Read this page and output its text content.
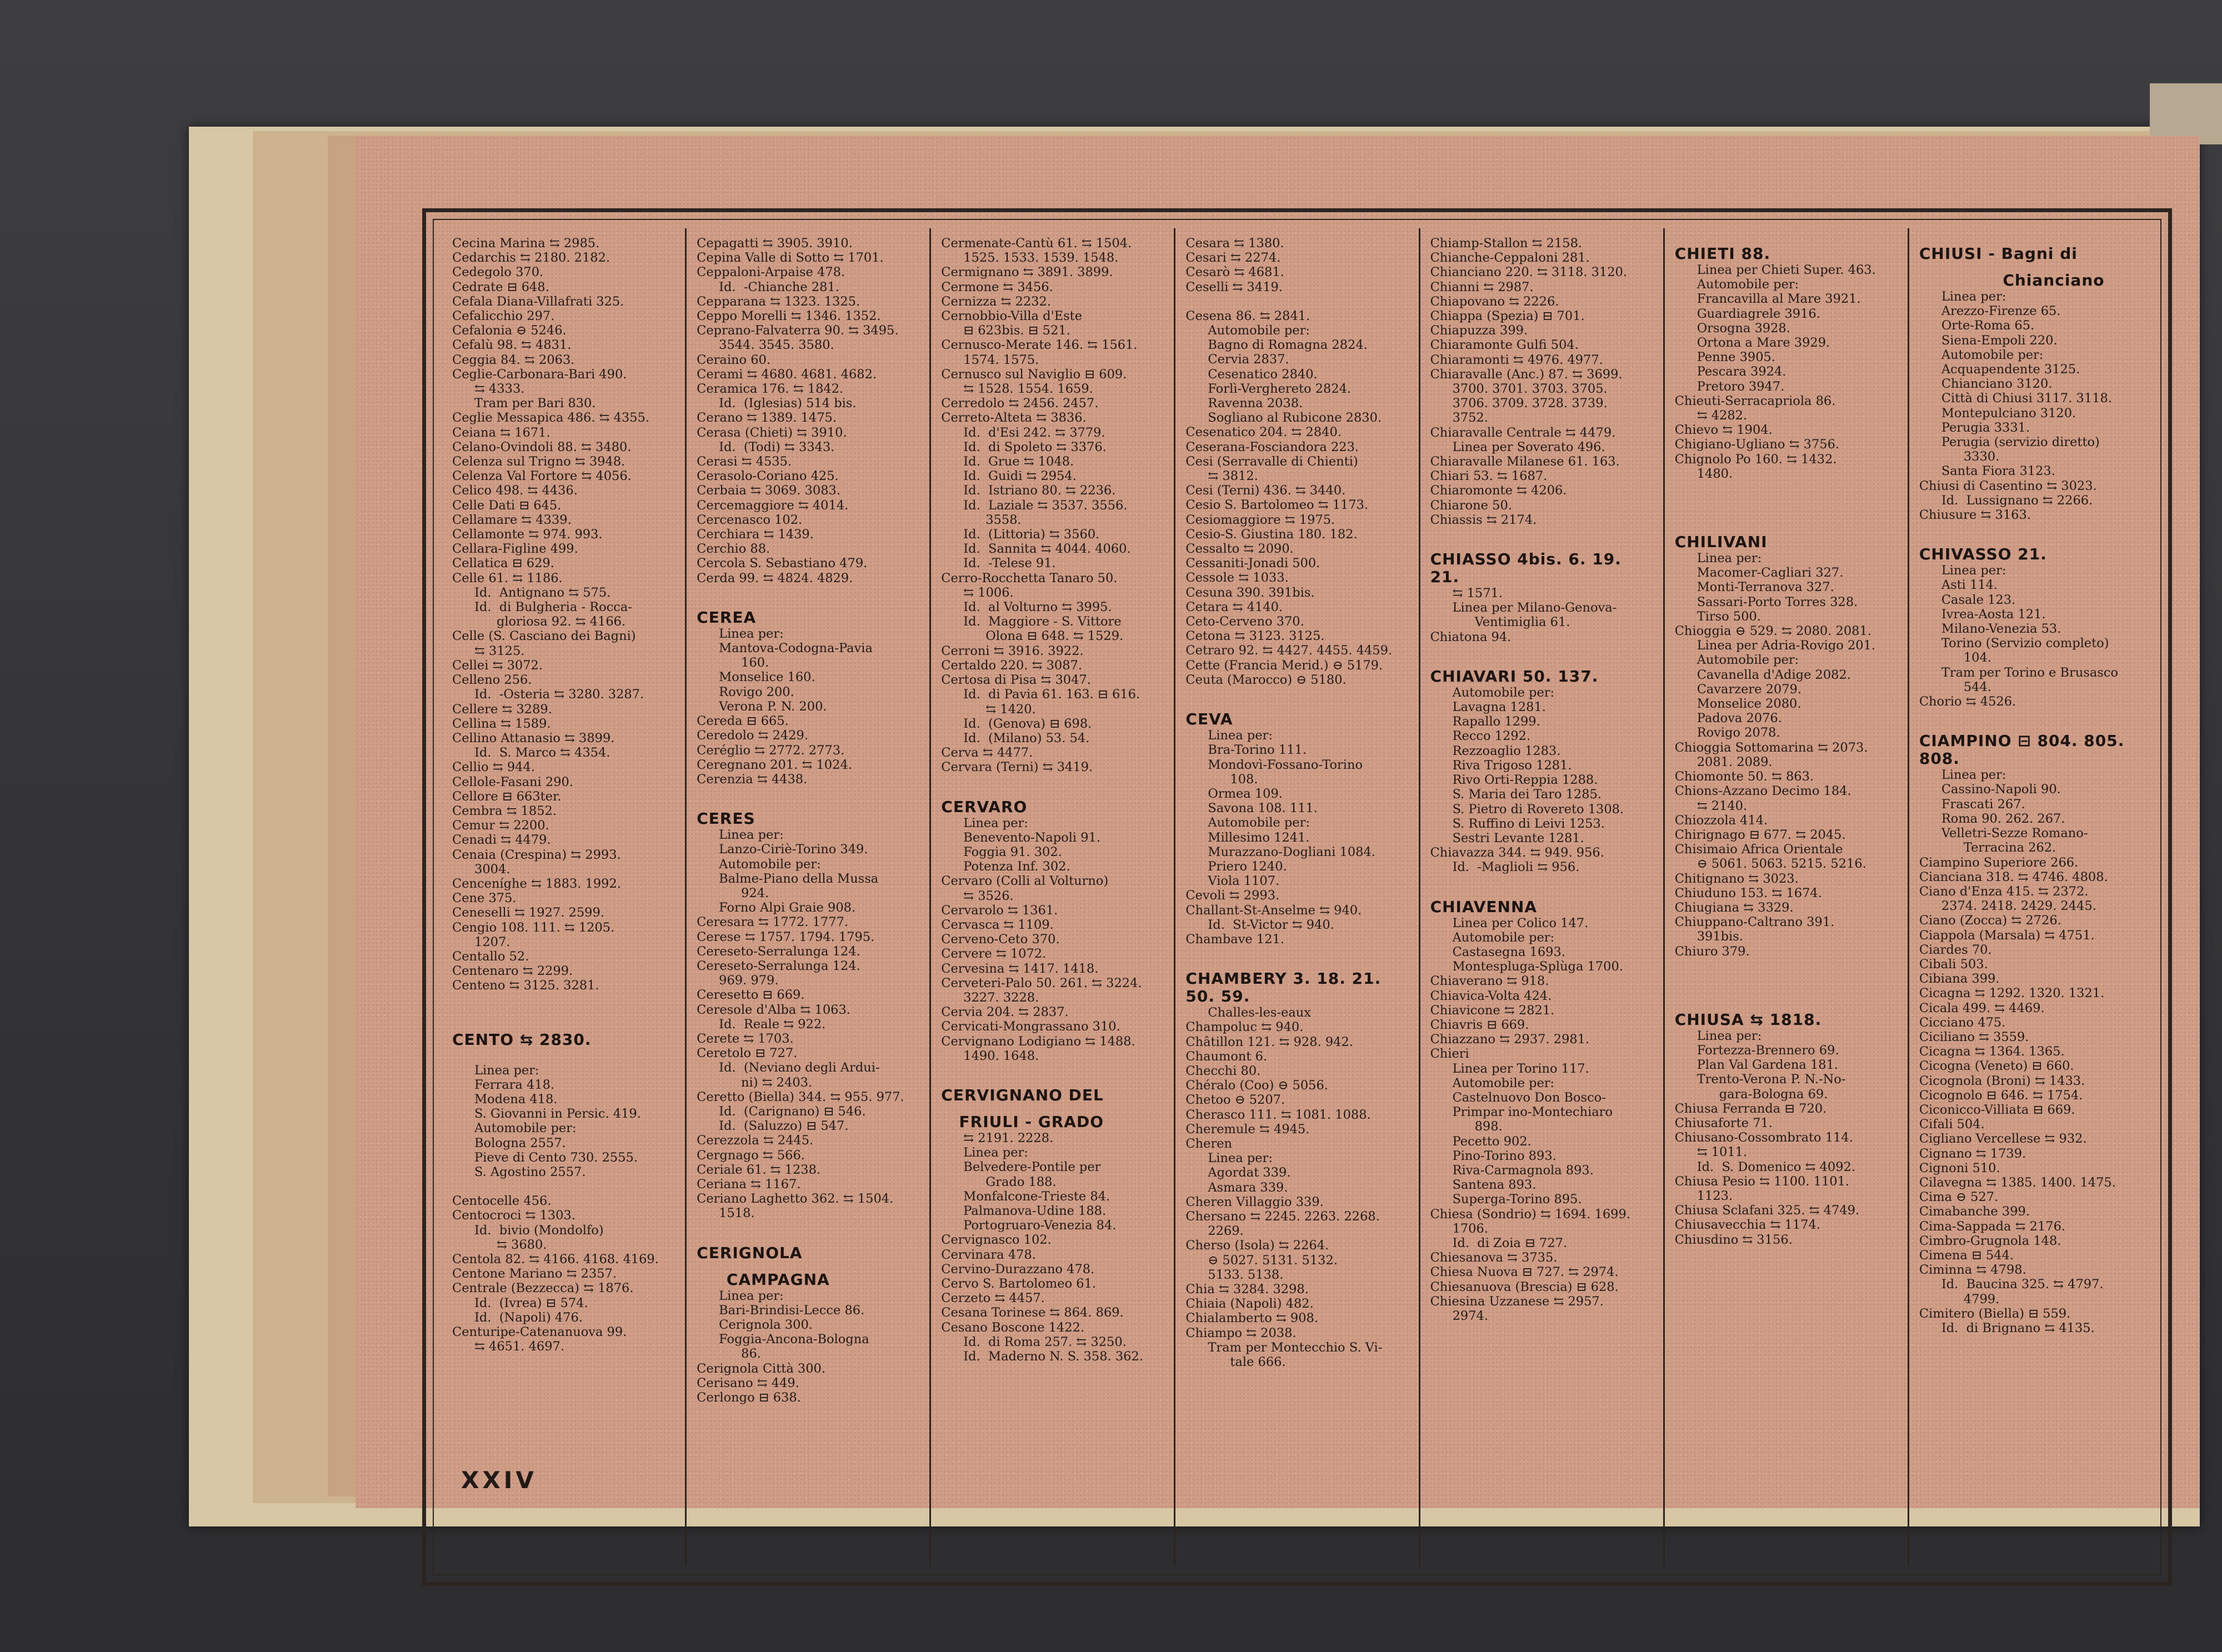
Cecina Marina ⇆ 2985.
Cedarchis ⇆ 2180. 2182.
Cedegolo 370.
Cedrate ⊟ 648.
Cefala Diana-Villafrati 325.
Cefalicchio 297.
Cefalonia ⊖ 5246.
Cefalù 98. ⇆ 4831.
Ceggia 84. ⇆ 2063.
Ceglie-Carbonara-Bari 490.
⇆ 4333.
Tram per Bari 830.
Ceglie Messapica 486. ⇆ 4355.
Ceiana ⇆ 1671.
Celano-Ovindoli 88. ⇆ 3480.
Celenza sul Trigno ⇆ 3948.
Celenza Val Fortore ⇆ 4056.
Celico 498. ⇆ 4436.
Celle Dati ⊟ 645.
Cellamare ⇆ 4339.
Cellamonte ⇆ 974. 993.
Cellara-Figline 499.
Cellatica ⊟ 629.
Celle 61. ⇆ 1186.
Id.  Antignano ⇆ 575.
Id.  di Bulgheria - Rocca-
gloriosa 92. ⇆ 4166.
Celle (S. Casciano dei Bagni)
⇆ 3125.
Cellei ⇆ 3072.
Celleno 256.
Id.  -Osteria ⇆ 3280. 3287.
Cellere ⇆ 3289.
Cellina ⇆ 1589.
Cellino Attanasio ⇆ 3899.
Id.  S. Marco ⇆ 4354.
Cellio ⇆ 944.
Cellole-Fasani 290.
Cellore ⊟ 663ter.
Cembra ⇆ 1852.
Cemur ⇆ 2200.
Cenadi ⇆ 4479.
Cenaia (Crespina) ⇆ 2993.
3004.
Cenceníghe ⇆ 1883. 1992.
Cene 375.
Ceneselli ⇆ 1927. 2599.
Cengio 108. 111. ⇆ 1205.
1207.
Centallo 52.
Centenaro ⇆ 2299.
Centeno ⇆ 3125. 3281.
CENTO ⇆ 2830.
Linea per:
Ferrara 418.
Modena 418.
S. Giovanni in Persic. 419.
Automobile per:
Bologna 2557.
Pieve di Cento 730. 2555.
S. Agostino 2557.
Centocelle 456.
Centocroci ⇆ 1303.
Id.  bivio (Mondolfo)
⇆ 3680.
Centola 82. ⇆ 4166. 4168. 4169.
Centone Mariano ⇆ 2357.
Centrale (Bezzecca) ⇆ 1876.
Id.  (Ivrea) ⊟ 574.
Id.  (Napoli) 476.
Centuripe-Catenanuova 99.
⇆ 4651. 4697.
Cepagatti ⇆ 3905. 3910.
Cepina Valle di Sotto ⇆ 1701.
Ceppaloni-Arpaise 478.
Id.  -Chianche 281.
Cepparana ⇆ 1323. 1325.
Ceppo Morelli ⇆ 1346. 1352.
Ceprano-Falvaterra 90. ⇆ 3495.
3544. 3545. 3580.
Ceraino 60.
Cerami ⇆ 4680. 4681. 4682.
Ceramica 176. ⇆ 1842.
Id.  (Iglesias) 514 bis.
Cerano ⇆ 1389. 1475.
Cerasa (Chieti) ⇆ 3910.
Id.  (Todi) ⇆ 3343.
Cerasi ⇆ 4535.
Cerasolo-Coriano 425.
Cerbaia ⇆ 3069. 3083.
Cercemaggiore ⇆ 4014.
Cercenasco 102.
Cerchiara ⇆ 1439.
Cerchio 88.
Cercola S. Sebastiano 479.
Cerda 99. ⇆ 4824. 4829.
CEREA
Linea per:
Mantova-Codogna-Pavia
160.
Monselice 160.
Rovigo 200.
Verona P. N. 200.
Cereda ⊟ 665.
Ceredolo ⇆ 2429.
Ceréglio ⇆ 2772. 2773.
Ceregnano 201. ⇆ 1024.
Cerenzia ⇆ 4438.
CERES
Linea per:
Lanzo-Ciriè-Torino 349.
Automobile per:
Balme-Piano della Mussa
924.
Forno Alpi Graie 908.
Ceresara ⇆ 1772. 1777.
Cerese ⇆ 1757. 1794. 1795.
Cereseto-Serralunga 124.
Cereseto-Serralunga 124.
969. 979.
Ceresetto ⊟ 669.
Ceresole d'Alba ⇆ 1063.
Id.  Reale ⇆ 922.
Cerete ⇆ 1703.
Ceretolo ⊟ 727.
Id.  (Neviano degli Ardui-
ni) ⇆ 2403.
Ceretto (Biella) 344. ⇆ 955. 977.
Id.  (Carignano) ⊟ 546.
Id.  (Saluzzo) ⊟ 547.
Cerezzola ⇆ 2445.
Cergnago ⇆ 566.
Ceriale 61. ⇆ 1238.
Ceriana ⇆ 1167.
Ceriano Laghetto 362. ⇆ 1504.
1518.
CERIGNOLA
CAMPAGNA
Linea per:
Bari-Brindisi-Lecce 86.
Cerignola 300.
Foggia-Ancona-Bologna
86.
Cerignola Città 300.
Cerisano ⇆ 449.
Cerlongo ⊟ 638.
Cermenate-Cantù 61. ⇆ 1504.
1525. 1533. 1539. 1548.
Cermignano ⇆ 3891. 3899.
Cermone ⇆ 3456.
Cernizza ⇆ 2232.
Cernobbio-Villa d'Este
⊟ 623bis. ⊟ 521.
Cernusco-Merate 146. ⇆ 1561.
1574. 1575.
Cernusco sul Naviglio ⊟ 609.
⇆ 1528. 1554. 1659.
Cerredolo ⇆ 2456. 2457.
Cerreto-Alteta ⇆ 3836.
Id.  d'Esi 242. ⇆ 3779.
Id.  di Spoleto ⇆ 3376.
Id.  Grue ⇆ 1048.
Id.  Guidi ⇆ 2954.
Id.  Istriano 80. ⇆ 2236.
Id.  Laziale ⇆ 3537. 3556.
3558.
Id.  (Littoria) ⇆ 3560.
Id.  Sannita ⇆ 4044. 4060.
Id.  -Telese 91.
Cerro-Rocchetta Tanaro 50.
⇆ 1006.
Id.  al Volturno ⇆ 3995.
Id.  Maggiore - S. Vittore
Olona ⊟ 648. ⇆ 1529.
Cerroni ⇆ 3916. 3922.
Certaldo 220. ⇆ 3087.
Certosa di Pisa ⇆ 3047.
Id.  di Pavia 61. 163. ⊟ 616.
⇆ 1420.
Id.  (Genova) ⊟ 698.
Id.  (Milano) 53. 54.
Cerva ⇆ 4477.
Cervara (Terni) ⇆ 3419.
CERVARO
Linea per:
Benevento-Napoli 91.
Foggia 91. 302.
Potenza Inf. 302.
Cervaro (Colli al Volturno)
⇆ 3526.
Cervarolo ⇆ 1361.
Cervasca ⇆ 1109.
Cerveno-Ceto 370.
Cervere ⇆ 1072.
Cervesina ⇆ 1417. 1418.
Cerveteri-Palo 50. 261. ⇆ 3224.
3227. 3228.
Cervia 204. ⇆ 2837.
Cervicati-Mongrassano 310.
Cervignano Lodigiano ⇆ 1488.
1490. 1648.
CERVIGNANO DEL
FRIULI - GRADO
⇆ 2191. 2228.
Linea per:
Belvedere-Pontile per
Grado 188.
Monfalcone-Trieste 84.
Palmanova-Udine 188.
Portogruaro-Venezia 84.
Cervignasco 102.
Cervinara 478.
Cervino-Durazzano 478.
Cervo S. Bartolomeo 61.
Cerzeto ⇆ 4457.
Cesana Torinese ⇆ 864. 869.
Cesano Boscone 1422.
Id.  di Roma 257. ⇆ 3250.
Id.  Maderno N. S. 358. 362.
Cesara ⇆ 1380.
Cesari ⇆ 2274.
Cesarò ⇆ 4681.
Ceselli ⇆ 3419.
Cesena 86. ⇆ 2841.
Automobile per:
Bagno di Romagna 2824.
Cervia 2837.
Cesenatico 2840.
Forlì-Verghereto 2824.
Ravenna 2038.
Sogliano al Rubicone 2830.
Cesenatico 204. ⇆ 2840.
Ceserana-Fosciandora 223.
Cesi (Serravalle di Chienti)
⇆ 3812.
Cesi (Terni) 436. ⇆ 3440.
Cesio S. Bartolomeo ⇆ 1173.
Cesiomaggiore ⇆ 1975.
Cesio-S. Giustina 180. 182.
Cessalto ⇆ 2090.
Cessaniti-Jonadi 500.
Cessole ⇆ 1033.
Cesuna 390. 391bis.
Cetara ⇆ 4140.
Ceto-Cerveno 370.
Cetona ⇆ 3123. 3125.
Cetraro 92. ⇆ 4427. 4455. 4459.
Cette (Francia Merid.) ⊖ 5179.
Ceuta (Marocco) ⊖ 5180.
CEVA
Linea per:
Bra-Torino 111.
Mondovì-Fossano-Torino
108.
Ormea 109.
Savona 108. 111.
Automobile per:
Millesimo 1241.
Murazzano-Dogliani 1084.
Priero 1240.
Viola 1107.
Cevoli ⇆ 2993.
Challant-St-Anselme ⇆ 940.
Id.  St-Victor ⇆ 940.
Chambave 121.
CHAMBERY 3. 18. 21. 50. 59.
Challes-les-eaux
Champoluc ⇆ 940.
Châtillon 121. ⇆ 928. 942.
Chaumont 6.
Checchi 80.
Chéralo (Coo) ⊖ 5056.
Chetoo ⊖ 5207.
Cherasco 111. ⇆ 1081. 1088.
Cheremule ⇆ 4945.
Cheren
Linea per:
Agordat 339.
Asmara 339.
Cheren Villaggio 339.
Chersano ⇆ 2245. 2263. 2268.
2269.
Cherso (Isola) ⇆ 2264.
⊖ 5027. 5131. 5132.
5133. 5138.
Chia ⇆ 3284. 3298.
Chiaia (Napoli) 482.
Chialamberto ⇆ 908.
Chiampo ⇆ 2038.
Tram per Montecchio S. Vi-
tale 666.
Chiamp-Stallon ⇆ 2158.
Chianche-Ceppaloni 281.
Chianciano 220. ⇆ 3118. 3120.
Chianni ⇆ 2987.
Chiapovano ⇆ 2226.
Chiappa (Spezia) ⊟ 701.
Chiapuzza 399.
Chiaramonte Gulfi 504.
Chiaramonti ⇆ 4976. 4977.
Chiaravalle (Anc.) 87. ⇆ 3699.
3700. 3701. 3703. 3705.
3706. 3709. 3728. 3739.
3752.
Chiaravalle Centrale ⇆ 4479.
Linea per Soverato 496.
Chiaravalle Milanese 61. 163.
Chiari 53. ⇆ 1687.
Chiaromonte ⇆ 4206.
Chiarone 50.
Chiassis ⇆ 2174.
CHIASSO 4bis. 6. 19. 21.
⇆ 1571.
Linea per Milano-Genova-
Ventimiglia 61.
Chiatona 94.
CHIAVARI 50. 137.
Automobile per:
Lavagna 1281.
Rapallo 1299.
Recco 1292.
Rezzoaglio 1283.
Riva Trigoso 1281.
Rivo Orti-Reppia 1288.
S. Maria dei Taro 1285.
S. Pietro di Rovereto 1308.
S. Ruffino di Leivi 1253.
Sestri Levante 1281.
Chiavazza 344. ⇆ 949. 956.
Id.  -Maglioli ⇆ 956.
CHIAVENNA
Linea per Colico 147.
Automobile per:
Castasegna 1693.
Montespluga-Splùga 1700.
Chiaverano ⇆ 918.
Chiavica-Volta 424.
Chiavicone ⇆ 2821.
Chiavris ⊟ 669.
Chiazzano ⇆ 2937. 2981.
Chieri
Linea per Torino 117.
Automobile per:
Castelnuovo Don Bosco-
Primpar ino-Montechiaro
898.
Pecetto 902.
Pino-Torino 893.
Riva-Carmagnola 893.
Santena 893.
Superga-Torino 895.
Chiesa (Sondrio) ⇆ 1694. 1699.
1706.
Id.  di Zoia ⊟ 727.
Chiesanova ⇆ 3735.
Chiesa Nuova ⊟ 727. ⇆ 2974.
Chiesanuova (Brescia) ⊟ 628.
Chiesina Uzzanese ⇆ 2957.
2974.
CHIETI 88.
Linea per Chieti Super. 463.
Automobile per:
Francavilla al Mare 3921.
Guardiagrele 3916.
Orsogna 3928.
Ortona a Mare 3929.
Penne 3905.
Pescara 3924.
Pretoro 3947.
Chieuti-Serracapriola 86.
⇆ 4282.
Chievo ⇆ 1904.
Chigiano-Ugliano ⇆ 3756.
Chignolo Po 160. ⇆ 1432.
1480.
CHILIVANI
Linea per:
Macomer-Cagliari 327.
Monti-Terranova 327.
Sassari-Porto Torres 328.
Tirso 500.
Chioggia ⊖ 529. ⇆ 2080. 2081.
Linea per Adria-Rovigo 201.
Automobile per:
Cavanella d'Adige 2082.
Cavarzere 2079.
Monselice 2080.
Padova 2076.
Rovigo 2078.
Chioggia Sottomarina ⇆ 2073.
2081. 2089.
Chiomonte 50. ⇆ 863.
Chions-Azzano Decimo 184.
⇆ 2140.
Chiozzola 414.
Chirignago ⊟ 677. ⇆ 2045.
Chisimaio Africa Orientale
⊖ 5061. 5063. 5215. 5216.
Chitignano ⇆ 3023.
Chiuduno 153. ⇆ 1674.
Chiugiana ⇆ 3329.
Chiuppano-Caltrano 391.
391bis.
Chiuro 379.
CHIUSA ⇆ 1818.
Linea per:
Fortezza-Brennero 69.
Plan Val Gardena 181.
Trento-Verona P. N.-No-
gara-Bologna 69.
Chiusa Ferranda ⊟ 720.
Chiusaforte 71.
Chiusano-Cossombrato 114.
⇆ 1011.
Id.  S. Domenico ⇆ 4092.
Chiusa Pesio ⇆ 1100. 1101.
1123.
Chiusa Sclafani 325. ⇆ 4749.
Chiusavecchia ⇆ 1174.
Chiusdino ⇆ 3156.
CHIUSI - Bagni di
Chianciano
Linea per:
Arezzo-Firenze 65.
Orte-Roma 65.
Siena-Empoli 220.
Automobile per:
Acquapendente 3125.
Chianciano 3120.
Città di Chiusi 3117. 3118.
Montepulciano 3120.
Perugia 3331.
Perugia (servizio diretto)
3330.
Santa Fiora 3123.
Chiusi di Casentino ⇆ 3023.
Id.  Lussignano ⇆ 2266.
Chiusure ⇆ 3163.
CHIVASSO 21.
Linea per:
Asti 114.
Casale 123.
Ivrea-Aosta 121.
Milano-Venezia 53.
Torino (Servizio completo)
104.
Tram per Torino e Brusasco
544.
Chorio ⇆ 4526.
CIAMPINO ⊟ 804. 805. 808.
Linea per:
Cassino-Napoli 90.
Frascati 267.
Roma 90. 262. 267.
Velletri-Sezze Romano-
Terracina 262.
Ciampino Superiore 266.
Cianciana 318. ⇆ 4746. 4808.
Ciano d'Enza 415. ⇆ 2372.
2374. 2418. 2429. 2445.
Ciano (Zocca) ⇆ 2726.
Ciappola (Marsala) ⇆ 4751.
Ciardes 70.
Cibali 503.
Cibiana 399.
Cicagna ⇆ 1292. 1320. 1321.
Cicala 499. ⇆ 4469.
Cicciano 475.
Ciciliano ⇆ 3559.
Cicagna ⇆ 1364. 1365.
Cicogna (Veneto) ⊟ 660.
Cicognola (Broni) ⇆ 1433.
Cicognolo ⊟ 646. ⇆ 1754.
Ciconicco-Villiata ⊟ 669.
Cifali 504.
Cigliano Vercellese ⇆ 932.
Cignano ⇆ 1739.
Cignoni 510.
Cilavegna ⇆ 1385. 1400. 1475.
Cima ⊖ 527.
Cimabanche 399.
Cima-Sappada ⇆ 2176.
Cimbro-Grugnola 148.
Cimena ⊟ 544.
Ciminna ⇆ 4798.
Id.  Baucina 325. ⇆ 4797.
4799.
Cimitero (Biella) ⊟ 559.
Id.  di Brignano ⇆ 4135.
XXIV
